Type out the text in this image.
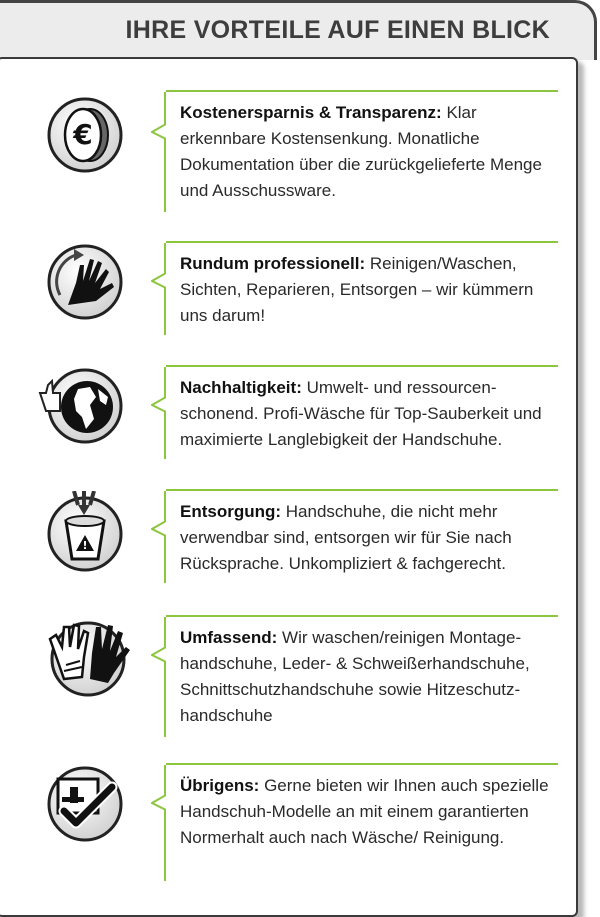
IHRE VORTEILE AUF EINEN BLICK
€

Kostenersparnis & Transparenz: Klar erkennbare Kostensenkung. Monatliche Dokumentation über die zurückgelieferte Menge und Ausschussware.

Rundum professionell: Reinigen/Waschen, Sichten, Reparieren, Entsorgen – wir kümmern uns darum!

Nachhaltigkeit: Umwelt- und ressourcen-schonend. Profi-Wäsche für Top-Sauberkeit und maximierte Langlebigkeit der Handschuhe.

!

Entsorgung: Handschuhe, die nicht mehr verwendbar sind, entsorgen wir für Sie nach Rücksprache. Unkompliziert & fachgerecht.

Umfassend: Wir waschen/reinigen Montage-handschuhe, Leder- & Schweißerhandschuhe, Schnittschutzhandschuhe sowie Hitzeschutz-handschuhe

Übrigens: Gerne bieten wir Ihnen auch spezielle Handschuh-Modelle an mit einem garantierten Normerhalt auch nach Wäsche/ Reinigung.
